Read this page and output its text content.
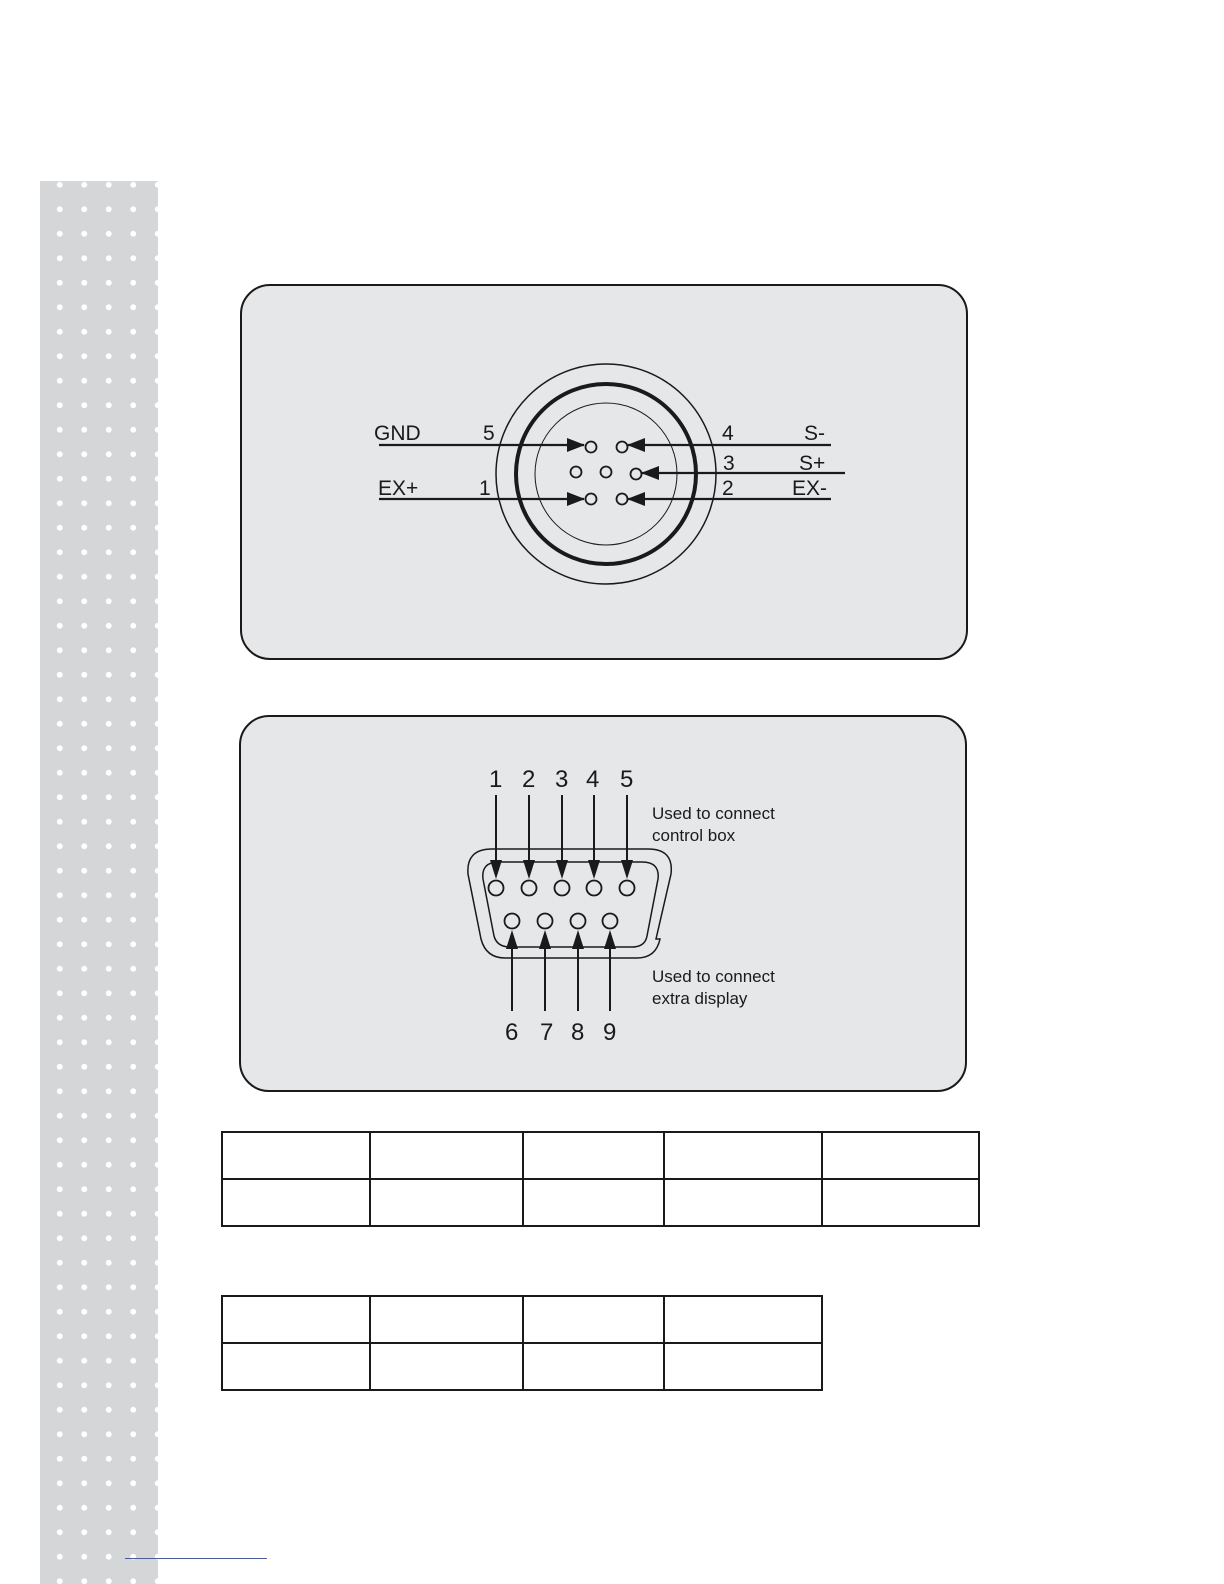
GND	5
EX+	1
4	S-
3	S+
2	EX-
1 2 3 4 5
6 7 8 9
Used to connect
control box
Used to connect
extra display
